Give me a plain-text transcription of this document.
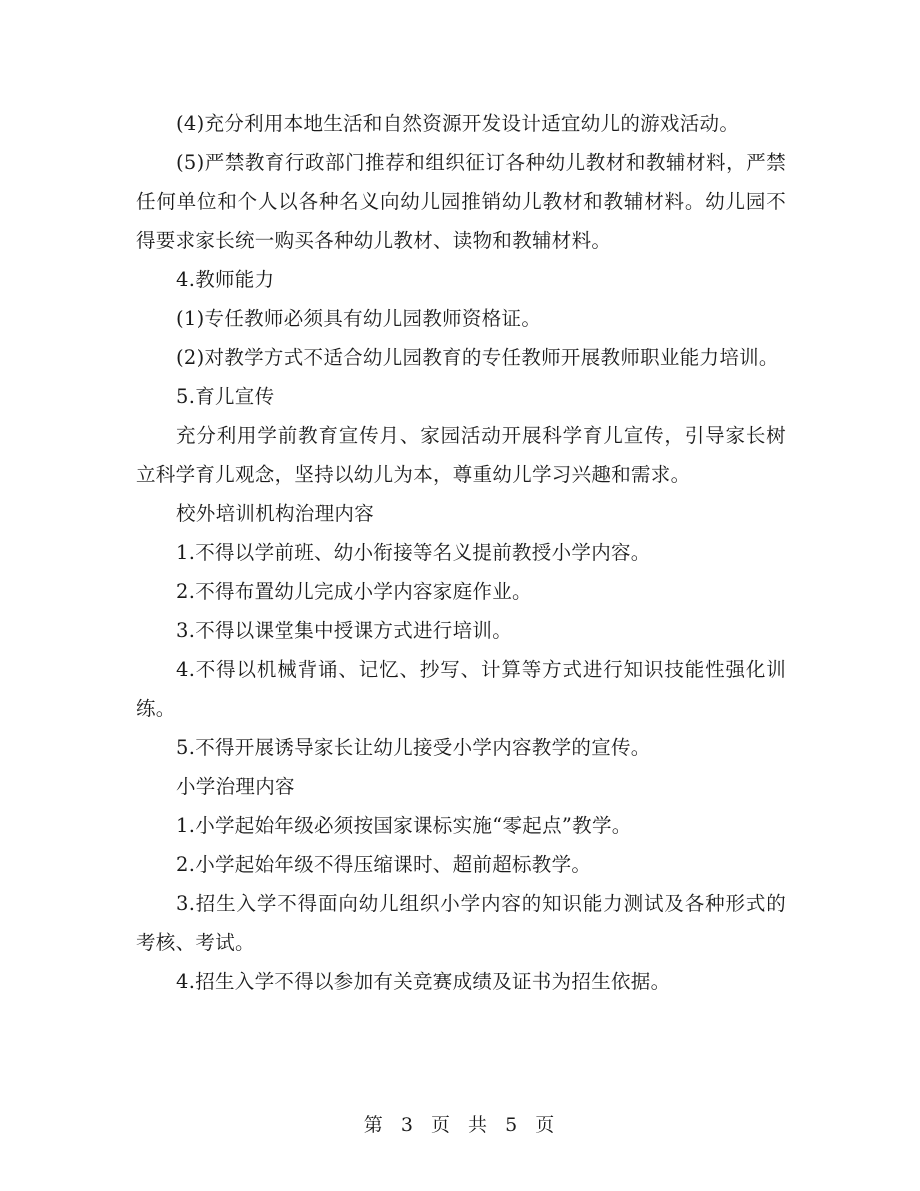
(4)充分利用本地生活和自然资源开发设计适宜幼儿的游戏活动。

(5)严禁教育行政部门推荐和组织征订各种幼儿教材和教辅材料，严禁任何单位和个人以各种名义向幼儿园推销幼儿教材和教辅材料。幼儿园不得要求家长统一购买各种幼儿教材、读物和教辅材料。

4.教师能力

(1)专任教师必须具有幼儿园教师资格证。

(2)对教学方式不适合幼儿园教育的专任教师开展教师职业能力培训。

5.育儿宣传

充分利用学前教育宣传月、家园活动开展科学育儿宣传，引导家长树立科学育儿观念，坚持以幼儿为本，尊重幼儿学习兴趣和需求。

校外培训机构治理内容

1.不得以学前班、幼小衔接等名义提前教授小学内容。

2.不得布置幼儿完成小学内容家庭作业。

3.不得以课堂集中授课方式进行培训。

4.不得以机械背诵、记忆、抄写、计算等方式进行知识技能性强化训练。

5.不得开展诱导家长让幼儿接受小学内容教学的宣传。

小学治理内容

1.小学起始年级必须按国家课标实施“零起点”教学。

2.小学起始年级不得压缩课时、超前超标教学。

3.招生入学不得面向幼儿组织小学内容的知识能力测试及各种形式的考核、考试。

4.招生入学不得以参加有关竞赛成绩及证书为招生依据。

第 3 页 共 5 页
